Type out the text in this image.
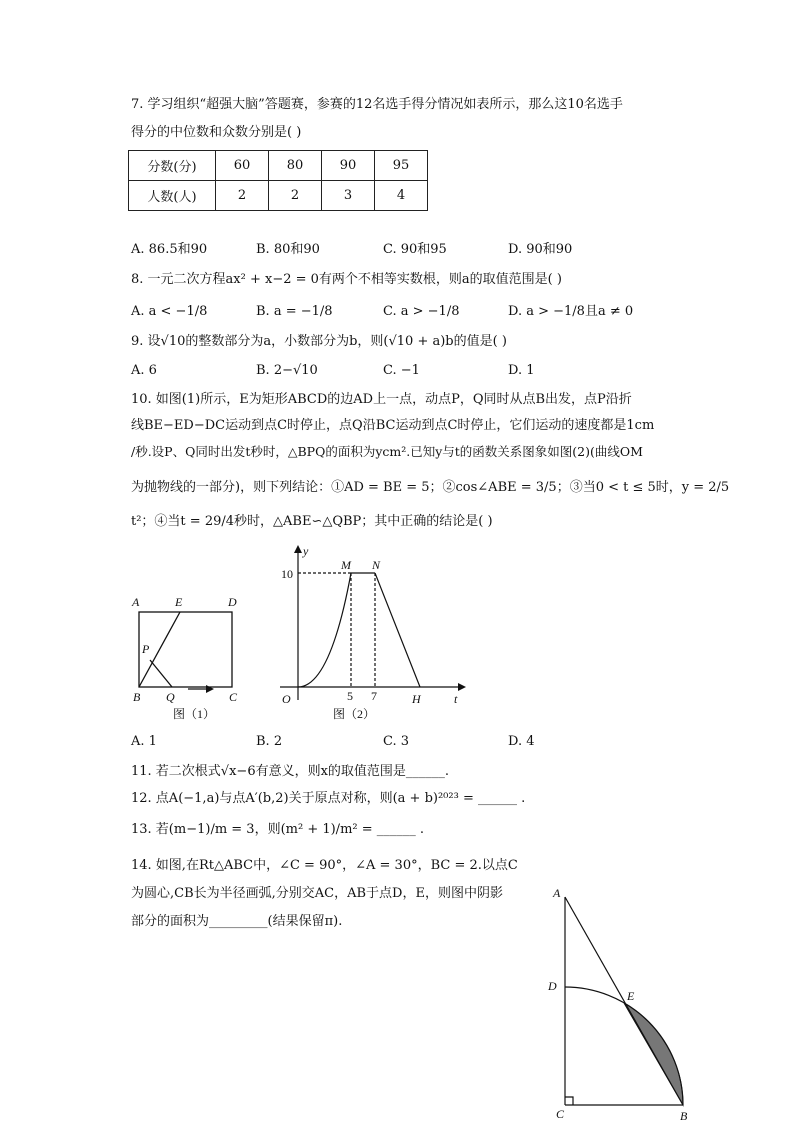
7. 学习组织“超强大脑”答题赛，参赛的12名选手得分情况如表所示，那么这10名选手
得分的中位数和众数分别是( )
分数(分)	60	80	90	95
人数(人)	2	2	3	4
A. 86.5和90	B. 80和90	C. 90和95	D. 90和90
8. 一元二次方程ax² + x−2 = 0有两个不相等实数根，则a的取值范围是( )
A. a < −1/8	B. a = −1/8	C. a > −1/8	D. a > −1/8且a ≠ 0
9. 设√10的整数部分为a，小数部分为b，则(√10 + a)b的值是( )
A. 6	B. 2−√10	C. −1	D. 1
10. 如图(1)所示，E为矩形ABCD的边AD上一点，动点P，Q同时从点B出发，点P沿折
线BE−ED−DC运动到点C时停止，点Q沿BC运动到点C时停止，它们运动的速度都是1cm
/秒.设P、Q同时出发t秒时，△BPQ的面积为ycm².已知y与t的函数关系图象如图(2)(曲线OM
为抛物线的一部分)，则下列结论：①AD = BE = 5；②cos∠ABE = 3/5；③当0 < t ≤ 5时，y = 2/5
t²；④当t = 29/4秒时，△ABE∽△QBP；其中正确的结论是( )
A	E	D
P
B Q	C
图（1）
y
t
O
M N
H
10
5 7
图（2）
A
D
E
C	B
A. 1	B. 2	C. 3	D. 4
11. 若二次根式√x−6有意义，则x的取值范围是______.
12. 点A(−1,a)与点A′(b,2)关于原点对称，则(a + b)²⁰²³ = ______ .
13. 若(m−1)/m = 3，则(m² + 1)/m² = ______ .
14. 如图,在Rt△ABC中，∠C = 90°，∠A = 30°，BC = 2.以点C
为圆心,CB长为半径画弧,分别交AC，AB于点D，E，则图中阴影
部分的面积为_________(结果保留π).
